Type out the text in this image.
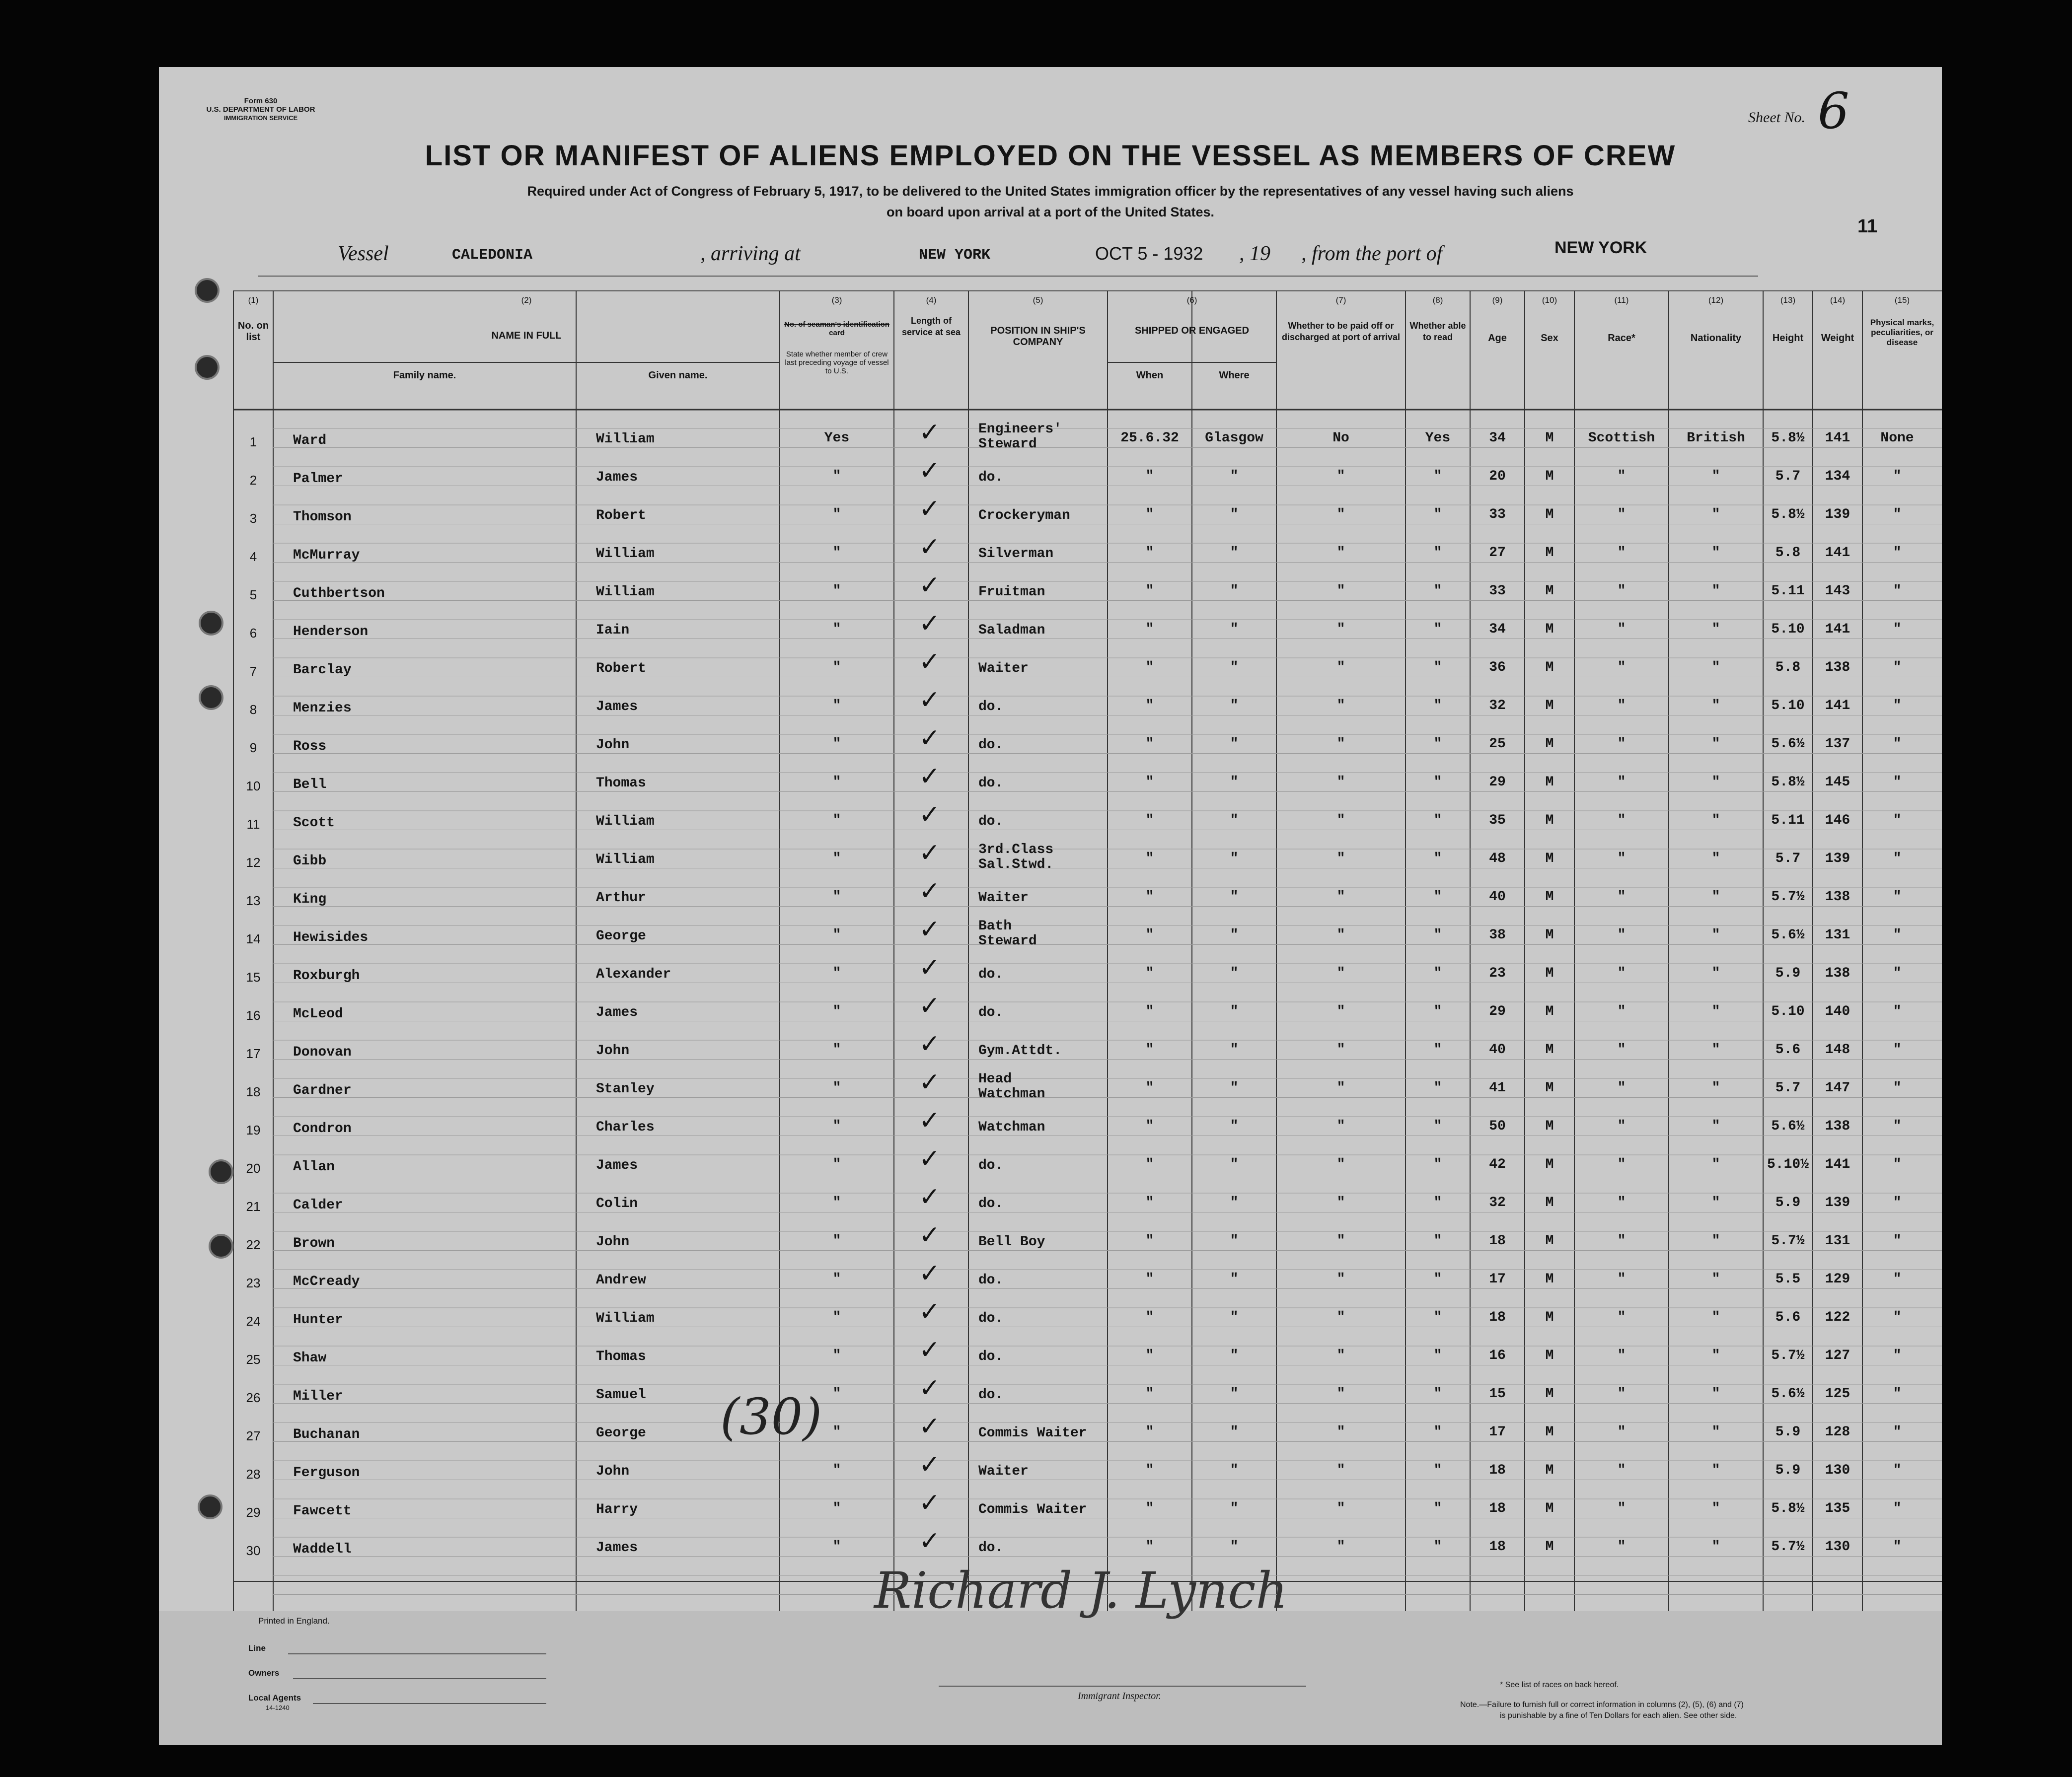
Form 630
U.S. DEPARTMENT OF LABOR
IMMIGRATION SERVICE	Sheet No. 6
LIST OR MANIFEST OF ALIENS EMPLOYED ON THE VESSEL AS MEMBERS OF CREW
Required under Act of Congress of February 5, 1917, to be delivered to the United States immigration officer by the representatives of any vessel having such aliens
on board upon arrival at a port of the United States.
11
Vessel	CALEDONIA	, arriving at	NEW YORK	OCT 5 - 1932 , 19 , from the port of	NEW YORK
(1)
No. on list
(2)
NAME IN FULL
Family name.	Given name.
(3)
No. of seaman's identification card
State whether member of crew last preceding voyage of vessel to U.S.
(4)
Length of service at sea
(5)
POSITION IN SHIP'S COMPANY
(6)
SHIPPED OR ENGAGED
When	Where
(7)
Whether to be paid off or discharged at port of arrival
(8)
Whether able to read
(9)
Age
(10)
Sex
(11)
Race*
(12)
Nationality
(13)
Height
(14)
Weight
(15)
Physical marks, peculiarities, or disease
1	Ward	William	Yes	✓	Engineers'
Steward	25.6.32	Glasgow	No	Yes	34	M	Scottish	British	5.8½	141	None
2	Palmer	James	"	✓	do.	"	"	"	"	20	M	"	"	5.7	134	"
3	Thomson	Robert	"	✓	Crockeryman	"	"	"	"	33	M	"	"	5.8½	139	"
4	McMurray	William	"	✓	Silverman	"	"	"	"	27	M	"	"	5.8	141	"
5	Cuthbertson	William	"	✓	Fruitman	"	"	"	"	33	M	"	"	5.11	143	"
6	Henderson	Iain	"	✓	Saladman	"	"	"	"	34	M	"	"	5.10	141	"
7	Barclay	Robert	"	✓	Waiter	"	"	"	"	36	M	"	"	5.8	138	"
8	Menzies	James	"	✓	do.	"	"	"	"	32	M	"	"	5.10	141	"
9	Ross	John	"	✓	do.	"	"	"	"	25	M	"	"	5.6½	137	"
10	Bell	Thomas	"	✓	do.	"	"	"	"	29	M	"	"	5.8½	145	"
11	Scott	William	"	✓	do.	"	"	"	"	35	M	"	"	5.11	146	"
12	Gibb	William	"	✓	3rd.Class
Sal.Stwd.	"	"	"	"	48	M	"	"	5.7	139	"
13	King	Arthur	"	✓	Waiter	"	"	"	"	40	M	"	"	5.7½	138	"
14	Hewisides	George	"	✓	Bath
Steward	"	"	"	"	38	M	"	"	5.6½	131	"
15	Roxburgh	Alexander	"	✓	do.	"	"	"	"	23	M	"	"	5.9	138	"
16	McLeod	James	"	✓	do.	"	"	"	"	29	M	"	"	5.10	140	"
17	Donovan	John	"	✓	Gym.Attdt.	"	"	"	"	40	M	"	"	5.6	148	"
18	Gardner	Stanley	"	✓	Head
Watchman	"	"	"	"	41	M	"	"	5.7	147	"
19	Condron	Charles	"	✓	Watchman	"	"	"	"	50	M	"	"	5.6½	138	"
20	Allan	James	"	✓	do.	"	"	"	"	42	M	"	"	5.10½	141	"
21	Calder	Colin	"	✓	do.	"	"	"	"	32	M	"	"	5.9	139	"
22	Brown	John	"	✓	Bell Boy	"	"	"	"	18	M	"	"	5.7½	131	"
23	McCready	Andrew	"	✓	do.	"	"	"	"	17	M	"	"	5.5	129	"
24	Hunter	William	"	✓	do.	"	"	"	"	18	M	"	"	5.6	122	"
25	Shaw	Thomas	"	✓	do.	"	"	"	"	16	M	"	"	5.7½	127	"
26	Miller	Samuel	"	✓	do.	"	"	"	"	15	M	"	"	5.6½	125	"
27	Buchanan	George	"	✓	Commis Waiter	"	"	"	"	17	M	"	"	5.9	128	"
28	Ferguson	John	"	✓	Waiter	"	"	"	"	18	M	"	"	5.9	130	"
29	Fawcett	Harry	"	✓	Commis Waiter	"	"	"	"	18	M	"	"	5.8½	135	"
30	Waddell	James	"	✓	do.	"	"	"	"	18	M	"	"	5.7½	130	"
(30)
Printed in England.
Line
Owners
Local Agents
14-1240
Richard J. Lynch
Immigrant Inspector.
* See list of races on back hereof.
Note.—Failure to furnish full or correct information in columns (2), (5), (6) and (7)
is punishable by a fine of Ten Dollars for each alien. See other side.
